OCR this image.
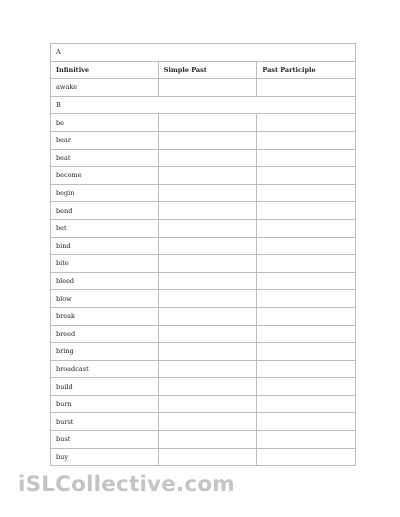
A		
Infinitive	Simple Past	Past Participle
awake		
B		
be		
bear		
beat		
become		
begin		
bend		
bet		
bind		
bite		
bleed		
blow		
break		
breed		
bring		
broadcast		
build		
burn		
burst		
bust		
buy		
iSLCollective.com
